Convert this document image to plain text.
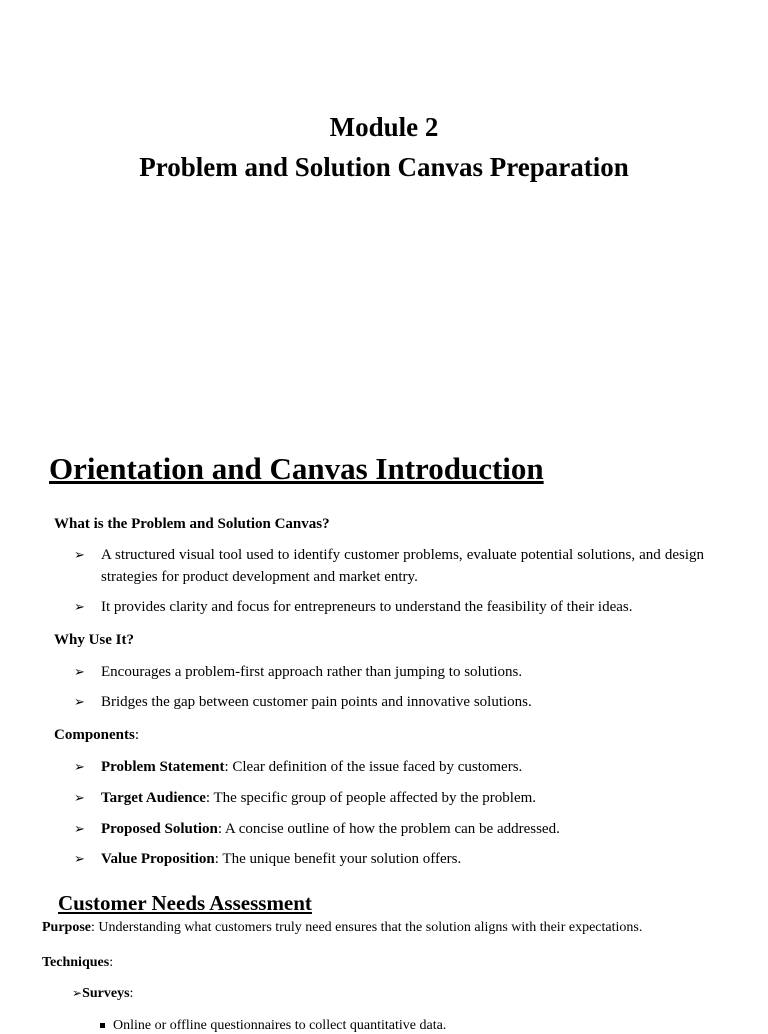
Module 2
Problem and Solution Canvas Preparation
Orientation and Canvas Introduction
What is the Problem and Solution Canvas?
➢ A structured visual tool used to identify customer problems, evaluate potential solutions, and design strategies for product development and market entry.
➢ It provides clarity and focus for entrepreneurs to understand the feasibility of their ideas.
Why Use It?
➢ Encourages a problem-first approach rather than jumping to solutions.
➢ Bridges the gap between customer pain points and innovative solutions.
Components:
➢ Problem Statement: Clear definition of the issue faced by customers.
➢ Target Audience: The specific group of people affected by the problem.
➢ Proposed Solution: A concise outline of how the problem can be addressed.
➢ Value Proposition: The unique benefit your solution offers.
Customer Needs Assessment
Purpose: Understanding what customers truly need ensures that the solution aligns with their expectations.
Techniques:
➢Surveys:
Online or offline questionnaires to collect quantitative data.
